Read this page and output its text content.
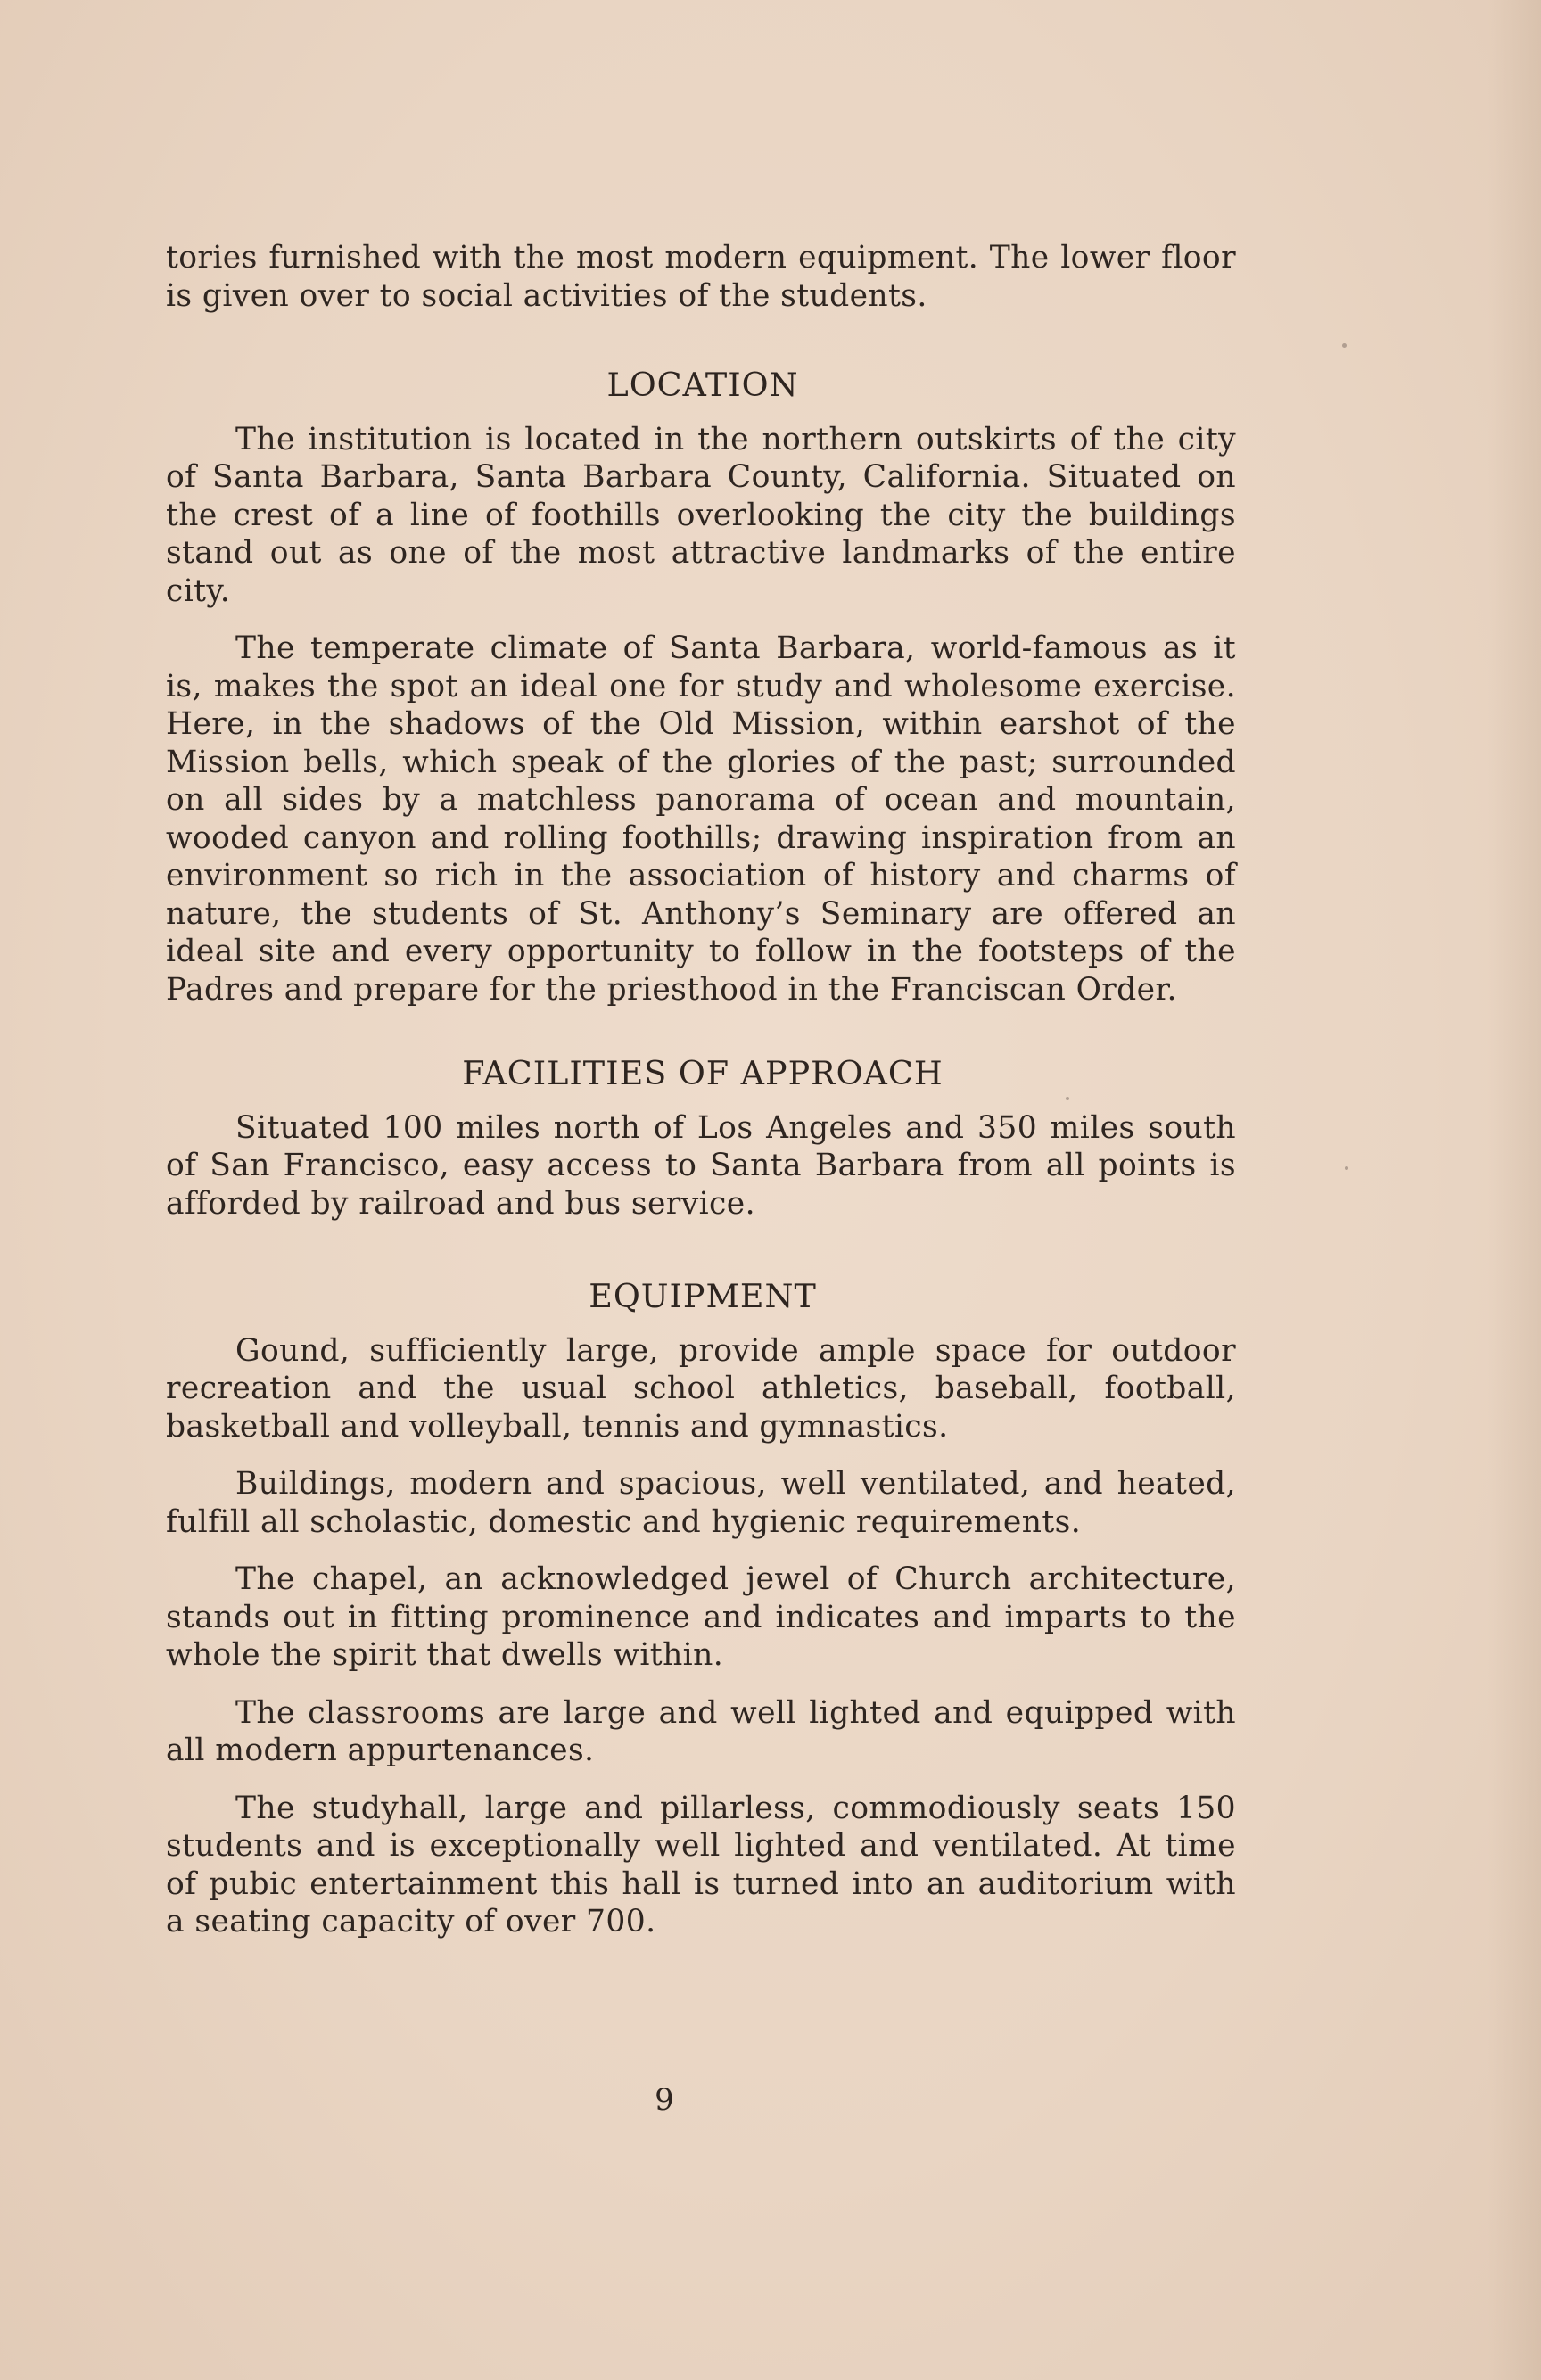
tories furnished with the most modern equipment. The lower floor is given over to social activities of the students.

LOCATION

The institution is located in the northern outskirts of the city of Santa Barbara, Santa Barbara County, California. Situated on the crest of a line of foothills overlooking the city the buildings stand out as one of the most attractive landmarks of the entire city.

The temperate climate of Santa Barbara, world-famous as it is, makes the spot an ideal one for study and wholesome exercise. Here, in the shadows of the Old Mission, within earshot of the Mission bells, which speak of the glories of the past; surrounded on all sides by a matchless panorama of ocean and mountain, wooded canyon and rolling foothills; drawing inspiration from an environment so rich in the association of history and charms of nature, the students of St. Anthony’s Seminary are offered an ideal site and every opportunity to follow in the footsteps of the Padres and prepare for the priesthood in the Franciscan Order.

FACILITIES OF APPROACH

Situated 100 miles north of Los Angeles and 350 miles south of San Francisco, easy access to Santa Barbara from all points is afforded by railroad and bus service.

EQUIPMENT

Gound, sufficiently large, provide ample space for outdoor recreation and the usual school athletics, baseball, football, basketball and volleyball, tennis and gymnastics.

Buildings, modern and spacious, well ventilated, and heated, fulfill all scholastic, domestic and hygienic requirements.

The chapel, an acknowledged jewel of Church architecture, stands out in fitting prominence and indicates and imparts to the whole the spirit that dwells within.

The classrooms are large and well lighted and equipped with all modern appurtenances.

The studyhall, large and pillarless, commodiously seats 150 students and is exceptionally well lighted and ventilated. At time of pubic entertainment this hall is turned into an auditorium with a seating capacity of over 700.

9
